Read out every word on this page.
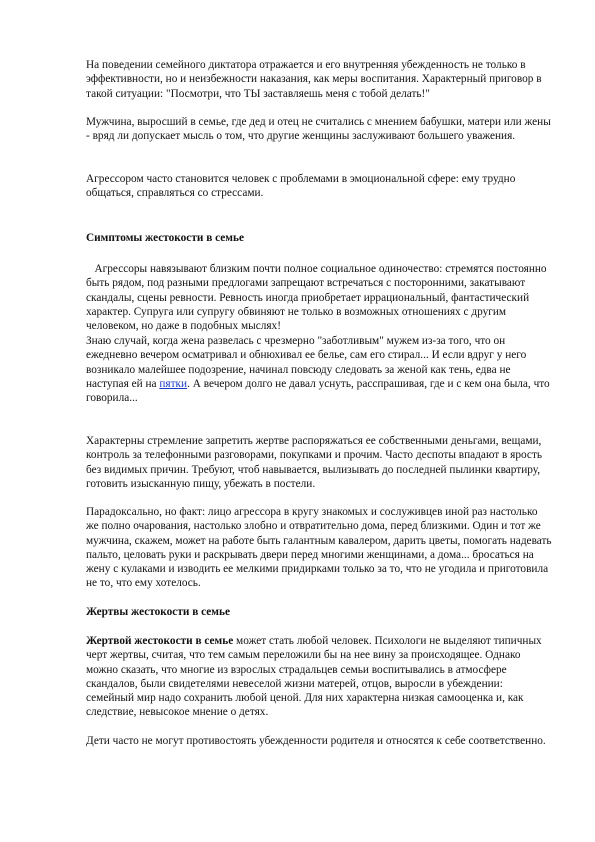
На поведении семейного диктатора отражается и его внутренняя убежденность не только в эффективности, но и неизбежности наказания, как меры воспитания. Характерный приговор в такой ситуации: "Посмотри, что ТЫ заставляешь меня с тобой делать!"

Мужчина, выросший в семье, где дед и отец не считались с мнением бабушки, матери или жены - вряд ли допускает мысль о том, что другие женщины заслуживают большего уважения.

Агрессором часто становится человек с проблемами в эмоциональной сфере: ему трудно общаться, справляться со стрессами.

Симптомы жестокости в семье

Агрессоры навязывают близким почти полное социальное одиночество: стремятся постоянно быть рядом, под разными предлогами запрещают встречаться с посторонними, закатывают скандалы, сцены ревности. Ревность иногда приобретает иррациональный, фантастический характер. Супруга или супругу обвиняют не только в возможных отношениях с другим человеком, но даже в подобных мыслях!

Знаю случай, когда жена развелась с чрезмерно "заботливым" мужем из-за того, что он ежедневно вечером осматривал и обнюхивал ее белье, сам его стирал... И если вдруг у него возникало малейшее подозрение, начинал повсюду следовать за женой как тень, едва не наступая ей на пятки. А вечером долго не давал уснуть, расспрашивая, где и с кем она была, что говорила...

Характерны стремление запретить жертве распоряжаться ее собственными деньгами, вещами, контроль за телефонными разговорами, покупками и прочим. Часто деспоты впадают в ярость без видимых причин. Требуют, чтоб навывается, вылизывать до последней пылинки квартиру, готовить изысканную пищу, убежать в постели.

Парадоксально, но факт: лицо агрессора в кругу знакомых и сослуживцев иной раз настолько же полно очарования, настолько злобно и отвратительно дома, перед близкими. Один и тот же мужчина, скажем, может на работе быть галантным кавалером, дарить цветы, помогать надевать пальто, целовать руки и раскрывать двери перед многими женщинами, а дома... бросаться на жену с кулаками и изводить ее мелкими придирками только за то, что не угодила и приготовила не то, что ему хотелось.

Жертвы жестокости в семье

Жертвой жестокости в семье может стать любой человек. Психологи не выделяют типичных черт жертвы, считая, что тем самым переложили бы на нее вину за происходящее. Однако можно сказать, что многие из взрослых страдальцев семьи воспитывались в атмосфере скандалов, были свидетелями невеселой жизни матерей, отцов, выросли в убеждении: семейный мир надо сохранить любой ценой. Для них характерна низкая самооценка и, как следствие, невысокое мнение о детях.

Дети часто не могут противостоять убежденности родителя и относятся к себе соответственно.
